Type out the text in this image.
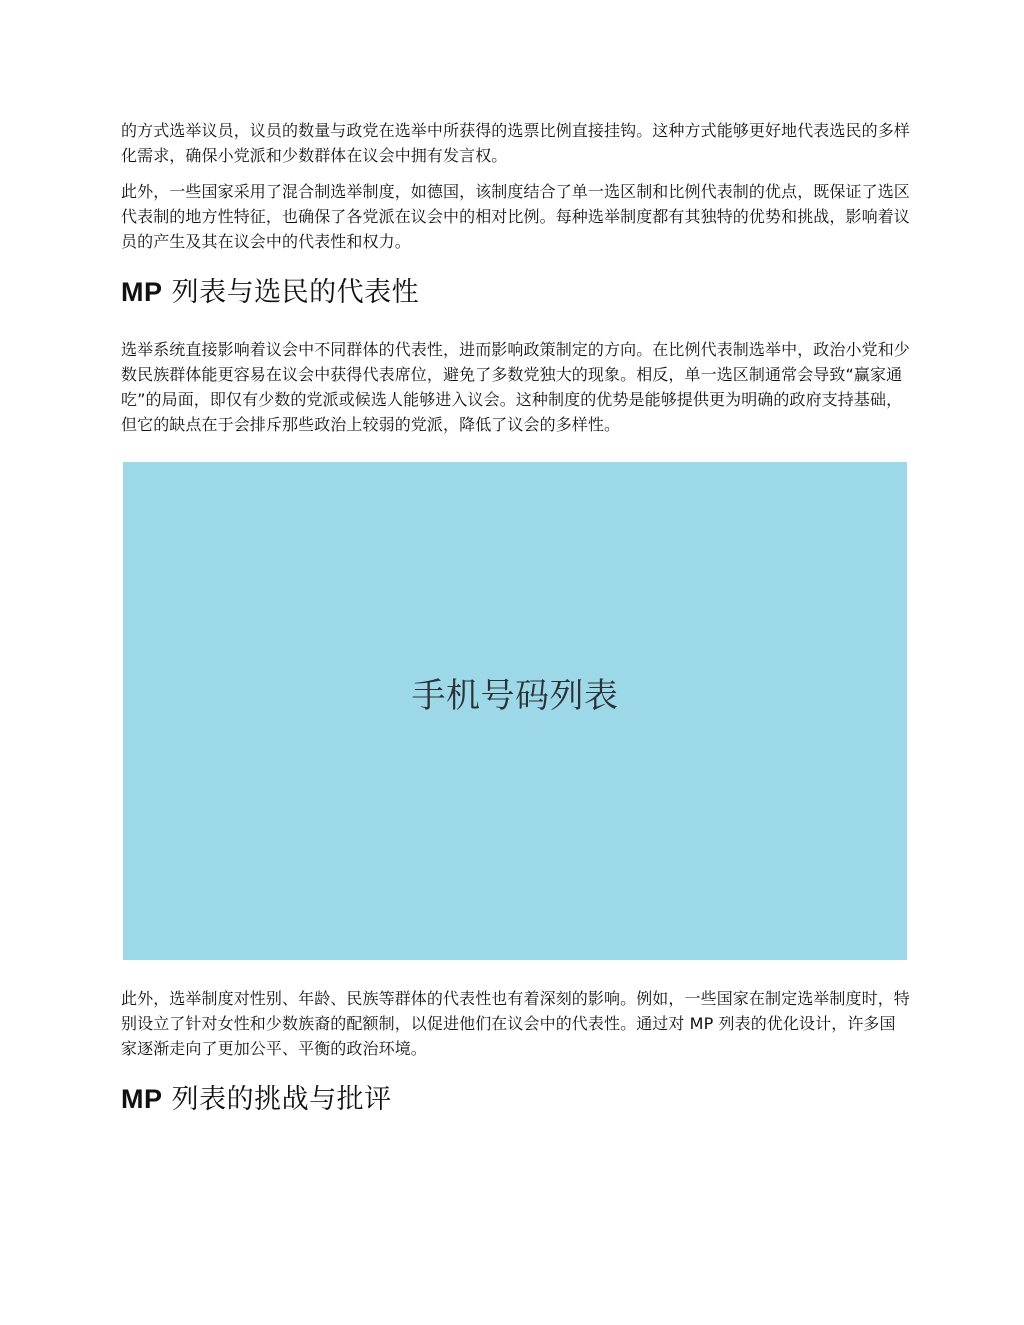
的方式选举议员，议员的数量与政党在选举中所获得的选票比例直接挂钩。这种方式能够更好地代表选民的多样化需求，确保小党派和少数群体在议会中拥有发言权。

此外，一些国家采用了混合制选举制度，如德国，该制度结合了单一选区制和比例代表制的优点，既保证了选区代表制的地方性特征，也确保了各党派在议会中的相对比例。每种选举制度都有其独特的优势和挑战，影响着议员的产生及其在议会中的代表性和权力。

MP 列表与选民的代表性

选举系统直接影响着议会中不同群体的代表性，进而影响政策制定的方向。在比例代表制选举中，政治小党和少数民族群体能更容易在议会中获得代表席位，避免了多数党独大的现象。相反，单一选区制通常会导致“赢家通吃”的局面，即仅有少数的党派或候选人能够进入议会。这种制度的优势是能够提供更为明确的政府支持基础，但它的缺点在于会排斥那些政治上较弱的党派，降低了议会的多样性。

手机号码列表

此外，选举制度对性别、年龄、民族等群体的代表性也有着深刻的影响。例如，一些国家在制定选举制度时，特别设立了针对女性和少数族裔的配额制，以促进他们在议会中的代表性。通过对 MP 列表的优化设计，许多国家逐渐走向了更加公平、平衡的政治环境。

MP 列表的挑战与批评
